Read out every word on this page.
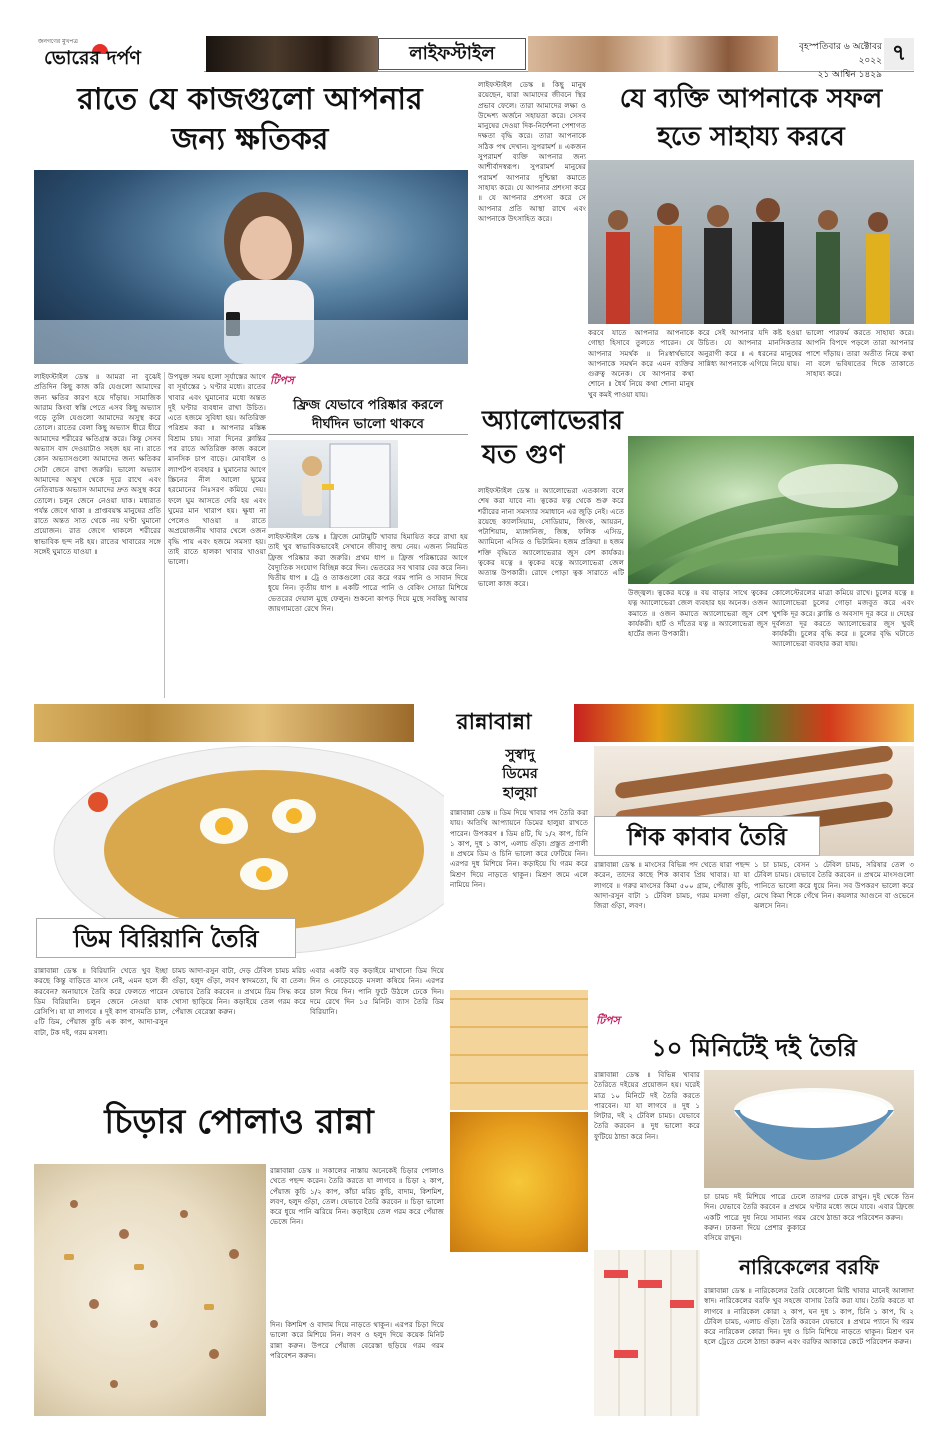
জনগণের মুখপত্র
ভোরের দর্পণ	লাইফস্টাইল	বৃহস্পতিবার ৬ অক্টোবর ২০২২
২১ আশ্বিন ১৪২৯
৭
রাতে যে কাজগুলো আপনার
জন্য ক্ষতিকর
লাইফস্টাইল ডেস্ক ॥ আমরা না বুঝেই প্রতিদিন কিছু কাজ করি যেগুলো আমাদের জন্য ক্ষতির কারণ হয়ে দাঁড়ায়। সামাজিক আরাম কিংবা স্বস্তি পেতে এসব কিছু অভ্যাস গড়ে তুলি যেগুলো আমাদের অসুস্থ করে তোলে। রাতের বেলা কিছু অভ্যাস ধীরে ধীরে আমাদের শরীরের ক্ষতিগ্রস্ত করে। কিন্তু সেসব অভ্যাস বাদ দেওয়াটাও সহজ হয় না। রাতে কোন অভ্যাসগুলো আমাদের জন্য ক্ষতিকর সেটা জেনে রাখা জরুরি। ভালো অভ্যাস আমাদের অসুখ থেকে দূরে রাখে এবং নেতিবাচক অভ্যাস আমাদের দ্রুত অসুস্থ করে তোলে। চলুন জেনে নেওয়া যাক। মধ্যরাত পর্যন্ত জেগে থাকা ॥ প্রাপ্তবয়স্ক মানুষের প্রতি রাতে অন্তত সাত থেকে নয় ঘণ্টা ঘুমানো প্রয়োজন। রাত জেগে থাকলে শরীরের স্বাভাবিক ছন্দ নষ্ট হয়। রাতের খাবারের সঙ্গে সঙ্গেই ঘুমাতে যাওয়া ॥
উপযুক্ত সময় হলো সূর্যাস্তের আগে বা সূর্যাস্তের ১ ঘণ্টার মধ্যে। রাতের খাবার এবং ঘুমানোর মধ্যে অন্তত দুই ঘণ্টার ব্যবধান রাখা উচিত। এতে হজমে সুবিধা হয়। অতিরিক্ত পরিশ্রম করা ॥ আপনার মস্তিষ্ক বিশ্রাম চায়। সারা দিনের ক্লান্তির পর রাতে অতিরিক্ত কাজ করলে মানসিক চাপ বাড়ে। মোবাইল ও ল্যাপটপ ব্যবহার ॥ ঘুমানোর আগে স্ক্রিনের নীল আলো ঘুমের হরমোনের নিঃসরণ কমিয়ে দেয়। ফলে ঘুম আসতে দেরি হয় এবং ঘুমের মান খারাপ হয়। ক্ষুধা না পেলেও খাওয়া ॥ রাতে অপ্রয়োজনীয় খাবার খেলে ওজন বৃদ্ধি পায় এবং হজমে সমস্যা হয়। তাই রাতে হালকা খাবার খাওয়া ভালো।
টিপস
ফ্রিজ যেভাবে পরিষ্কার করলে
দীর্ঘদিন ভালো থাকবে
লাইফস্টাইল ডেস্ক ॥ ফ্রিজে মোটামুটি খাবার হিমায়িত করে রাখা হয় তাই খুব স্বাভাবিকভাবেই সেখানে জীবাণু জন্ম নেয়। এজন্য নিয়মিত ফ্রিজ পরিষ্কার করা জরুরি। প্রথম ধাপ ॥ ফ্রিজ পরিষ্কারের আগে বৈদ্যুতিক সংযোগ বিচ্ছিন্ন করে দিন। ভেতরের সব খাবার বের করে নিন। দ্বিতীয় ধাপ ॥ ট্রে ও তাকগুলো বের করে গরম পানি ও সাবান দিয়ে ধুয়ে নিন। তৃতীয় ধাপ ॥ একটি পাত্রে পানি ও বেকিং সোডা মিশিয়ে ভেতরের দেয়াল মুছে ফেলুন। শুকনো কাপড় দিয়ে মুছে সবকিছু আবার জায়গামতো রেখে দিন।
যে ব্যক্তি আপনাকে সফল
হতে সাহায্য করবে
লাইফস্টাইল ডেস্ক ॥ কিছু মানুষ রয়েছেন, যারা আমাদের জীবনে স্থির প্রভাব ফেলে। তারা আমাদের লক্ষ্য ও উদ্দেশ্য অর্জনে সহায়তা করে। সেসব মানুষের দেওয়া দিক-নির্দেশনা পেশাগত দক্ষতা বৃদ্ধি করে। তারা আপনাকে সঠিক পথ দেখান। সুপরামর্শ ॥ একজন সুপরামর্শ ব্যক্তি আপনার জন্য আশীর্বাদস্বরূপ। সুপরামর্শ মানুষের পরামর্শ আপনার দুশ্চিন্তা কমাতে সাহায্য করে। যে আপনার প্রশংসা করে ॥ যে আপনার প্রশংসা করে সে আপনার প্রতি আস্থা রাখে এবং আপনাকে উৎসাহিত করে।
করবে যাতে আপনার আপনাকে গোছা হিসাবে তুলতে পারেন। যে আপনার সমর্থক ॥ নিঃস্বার্থভাবে আপনাকে সমর্থন করে এমন ব্যক্তির গুরুত্ব অনেক। যে আপনার কথা শোনে ॥ ধৈর্য নিয়ে কথা শোনা মানুষ খুব কমই পাওয়া যায়।
করে সেই আপনার যদি কষ্ট হওয়া উচিত। যে আপনার মানসিকতার অনুরাগী করে ॥ এ ধরনের মানুষের সান্নিধ্য আপনাকে এগিয়ে নিয়ে যায়।
ভালো পারফর্ম করতে সাহায্য করে। আপনি বিপদে পড়লে তারা আপনার পাশে দাঁড়ায়। তারা অতীত নিয়ে কথা না বলে ভবিষ্যতের দিকে তাকাতে সাহায্য করে।
অ্যালোভেরার
যত গুণ
লাইফস্টাইল ডেস্ক ॥ অ্যালোভেরা এতকাল্য বলে শেষ করা যাবে না। ত্বকের যত্ন থেকে শুরু করে শরীরের নানা সমস্যার সমাধানে এর জুড়ি নেই। এতে রয়েছে ক্যালসিয়াম, সোডিয়াম, জিংক, আয়রন, পটাশিয়াম, ম্যাঙ্গানিজ, জিঙ্ক, ফলিক এসিড, অ্যামিনো এসিড ও ভিটামিন। হজম প্রক্রিয়া ॥ হজম শক্তি বৃদ্ধিতে অ্যালোভেরার জুস বেশ কার্যকর। ত্বকের যত্নে ॥ ত্বকের যত্নে অ্যালোভেরা জেল অত্যন্ত উপকারী। রোদে পোড়া ত্বক সারাতে এটি ভালো কাজ করে।
উজ্জ্বল। ত্বকের যত্নে ॥ বয় বাড়ার সাথে ত্বকের যত্ন অ্যালোভেরা জেল ব্যবহার হয় অনেক। ওজন কমাতে ॥ ওজন কমাতে অ্যালোভেরা জুস বেশ কার্যকরী। হার্ট ও দাঁতের যত্ন ॥ অ্যালোভেরা জুস হার্টের জন্য উপকারী।
কোলেস্টেরলের মাত্রা কমিয়ে রাখে। চুলের যত্নে ॥ অ্যালোভেরা চুলের গোড়া মজবুত করে এবং খুশকি দূর করে। ক্লান্তি ও অবসাদ দূর করে ॥ দেহের দুর্বলতা দূর করতে অ্যালোভেরার জুস খুবই কার্যকরী। চুলের বৃদ্ধি করে ॥ চুলের বৃদ্ধি ঘটাতে অ্যালোভেরা ব্যবহার করা যায়।
রান্নাবান্না
ডিম বিরিয়ানি তৈরি
রান্নাবান্না ডেস্ক ॥ বিরিয়ানি খেতে খুব ইচ্ছা করছে কিন্তু বাড়িতে মাংস নেই, এমন হলে কী করবেন? অনায়াসে তৈরি করে ফেলতে পারেন ডিম বিরিয়ানি। চলুন জেনে নেওয়া যাক রেসিপি। যা যা লাগবে ॥ দুই কাপ বাসমতি চাল, ৫টি ডিম, পেঁয়াজ কুচি এক কাপ, আদা-রসুন বাটা, টক দই, গরম মসলা।
চামচ আদা-রসুন বাটা, দেড় টেবিল চামচ মরিচ গুঁড়া, হলুদ গুঁড়া, লবণ স্বাদমতো, ঘি বা তেল। যেভাবে তৈরি করবেন ॥ প্রথমে ডিম সিদ্ধ করে খোসা ছাড়িয়ে নিন। কড়াইয়ে তেল গরম করে পেঁয়াজ বেরেস্তা করুন।
এবার একটি বড় কড়াইয়ে মাখানো ডিম দিয়ে দিন ও নেড়েচেড়ে মসলা কষিয়ে নিন। এরপর চাল দিয়ে দিন। পানি ফুটে উঠলে ঢেকে দিন। দমে রেখে দিন ১৫ মিনিট। ব্যাস তৈরি ডিম বিরিয়ানি।
সুস্বাদু
ডিমের
হালুয়া
রান্নাবান্না ডেস্ক ॥ ডিম দিয়ে খাবার পদ তৈরি করা যায়। অতিথি আপ্যায়নে ডিমের হালুয়া রাখতে পারেন। উপকরণ ॥ ডিম ৪টি, ঘি ১/২ কাপ, চিনি ১ কাপ, দুধ ১ কাপ, এলাচ গুঁড়া। প্রস্তুত প্রণালী ॥ প্রথমে ডিম ও চিনি ভালো করে ফেটিয়ে নিন। এরপর দুধ মিশিয়ে নিন। কড়াইয়ে ঘি গরম করে মিশ্রণ দিয়ে নাড়তে থাকুন। মিশ্রণ জমে এলে নামিয়ে নিন।
শিক কাবাব তৈরি
রান্নাবান্না ডেস্ক ॥ মাংসের বিভিন্ন পদ খেতে যারা পছন্দ করেন, তাদের কাছে শিক কাবাব প্রিয় খাবার। যা যা লাগবে ॥ গরুর মাংসের কিমা ৫০০ গ্রাম, পেঁয়াজ কুচি, আদা-রসুন বাটা ১ টেবিল চামচ, গরম মসলা গুঁড়া, জিরা গুঁড়া, লবণ।
১ চা চামচ, বেসন ১ টেবিল চামচ, সরিষার তেল ৩ টেবিল চামচ। যেভাবে তৈরি করবেন ॥ প্রথমে মাংসগুলো পানিতে ভালো করে ধুয়ে নিন। সব উপকরণ ভালো করে মেখে কিমা শিকে গেঁথে নিন। কয়লার আগুনে বা ওভেনে ঝলসে নিন।
টিপস
১০ মিনিটেই দই তৈরি
রান্নাবান্না ডেস্ক ॥ বিভিন্ন খাবার তৈরিতে দইয়ের প্রয়োজন হয়। ঘরেই মাত্র ১০ মিনিটে দই তৈরি করতে পারবেন। যা যা লাগবে ॥ দুধ ১ লিটার, দই ২ টেবিল চামচ। যেভাবে তৈরি করবেন ॥ দুধ ভালো করে ফুটিয়ে ঠান্ডা করে নিন।
চা চামচ দই মিশিয়ে পাত্রে ঢেলে দিন। যেভাবে তৈরি করবেন ॥ প্রথমে একটি পাত্রে দুধ নিয়ে সামান্য গরম করুন। ঢাকনা দিয়ে প্রেশার কুকারে বসিয়ে রাখুন।
তারপর ঢেকে রাখুন। দুই থেকে তিন ঘণ্টার মধ্যে জমে যাবে। এবার ফ্রিজে রেখে ঠান্ডা করে পরিবেশন করুন।
চিড়ার পোলাও রান্না
রান্নাবান্না ডেস্ক ॥ সকালের নাস্তায় অনেকেই চিড়ার পোলাও খেতে পছন্দ করেন। তৈরি করতে যা লাগবে ॥ চিড়া ২ কাপ, পেঁয়াজ কুচি ১/২ কাপ, কাঁচা মরিচ কুচি, বাদাম, কিশমিশ, লবণ, হলুদ গুঁড়া, তেল। যেভাবে তৈরি করবেন ॥ চিড়া ভালো করে ধুয়ে পানি ঝরিয়ে নিন। কড়াইয়ে তেল গরম করে পেঁয়াজ ভেজে নিন।
দিন। কিশমিশ ও বাদাম দিয়ে নাড়তে থাকুন। এরপর চিড়া দিয়ে ভালো করে মিশিয়ে নিন। লবণ ও হলুদ দিয়ে কয়েক মিনিট রান্না করুন। উপরে পেঁয়াজ বেরেস্তা ছড়িয়ে গরম গরম পরিবেশন করুন।
নারিকেলের বরফি
রান্নাবান্না ডেস্ক ॥ নারিকেলের তৈরি যেকোনো মিষ্টি খাবার মানেই আলাদা স্বাদ। নারিকেলের বরফি খুব সহজে বাসায় তৈরি করা যায়। তৈরি করতে যা লাগবে ॥ নারিকেল কোরা ২ কাপ, ঘন দুধ ১ কাপ, চিনি ১ কাপ, ঘি ২ টেবিল চামচ, এলাচ গুঁড়া। তৈরি করবেন যেভাবে ॥ প্রথমে প্যানে ঘি গরম করে নারিকেল কোরা দিন। দুধ ও চিনি মিশিয়ে নাড়তে থাকুন। মিশ্রণ ঘন হলে ট্রেতে ঢেলে ঠান্ডা করুন এবং বরফির আকারে কেটে পরিবেশন করুন।
